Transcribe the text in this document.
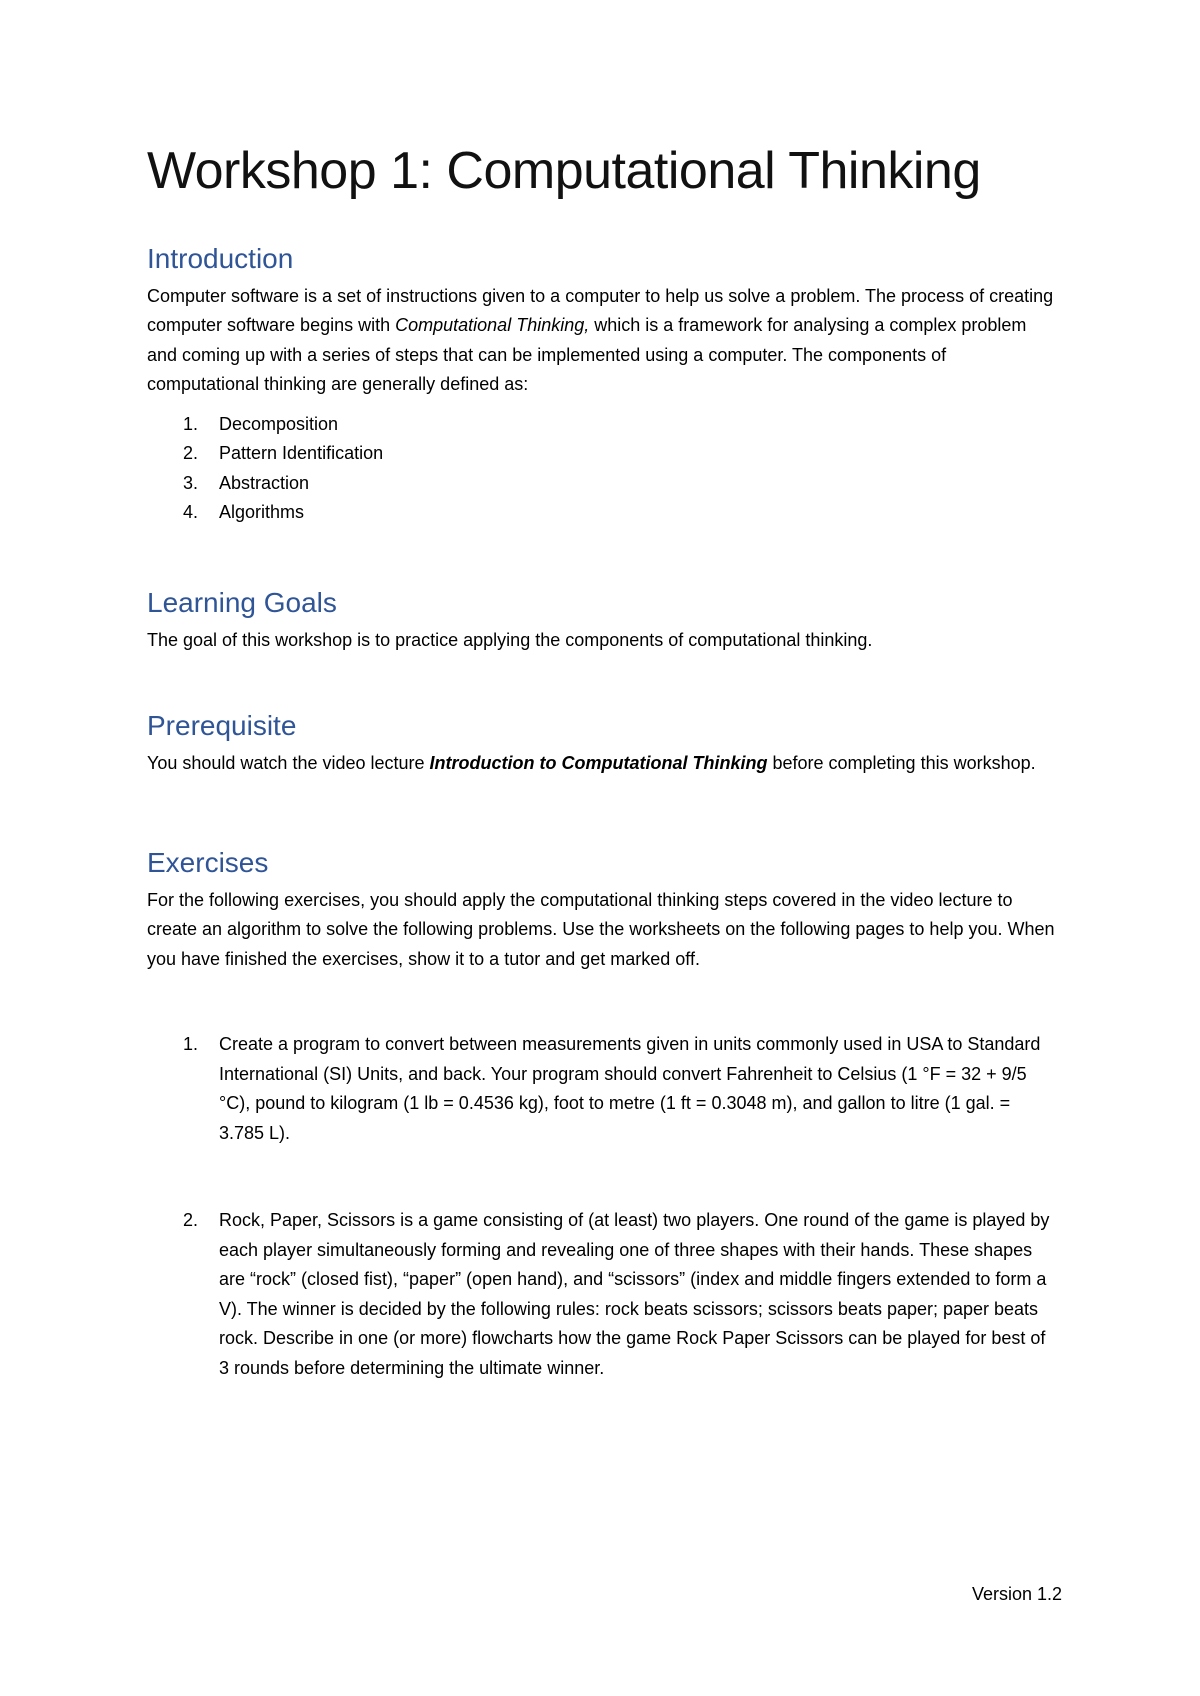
Workshop 1: Computational Thinking
Introduction

Computer software is a set of instructions given to a computer to help us solve a problem. The process of creating computer software begins with Computational Thinking, which is a framework for analysing a complex problem and coming up with a series of steps that can be implemented using a computer. The components of computational thinking are generally defined as:

1. Decomposition
2. Pattern Identification
3. Abstraction
4. Algorithms
Learning Goals

The goal of this workshop is to practice applying the components of computational thinking.

Prerequisite

You should watch the video lecture Introduction to Computational Thinking before completing this workshop.

Exercises

For the following exercises, you should apply the computational thinking steps covered in the video lecture to create an algorithm to solve the following problems. Use the worksheets on the following pages to help you. When you have finished the exercises, show it to a tutor and get marked off.

1. Create a program to convert between measurements given in units commonly used in USA to Standard International (SI) Units, and back. Your program should convert Fahrenheit to Celsius (1 °F = 32 + 9/5 °C), pound to kilogram (1 lb = 0.4536 kg), foot to metre (1 ft = 0.3048 m), and gallon to litre (1 gal. = 3.785 L).
2. Rock, Paper, Scissors is a game consisting of (at least) two players. One round of the game is played by each player simultaneously forming and revealing one of three shapes with their hands. These shapes are “rock” (closed fist), “paper” (open hand), and “scissors” (index and middle fingers extended to form a V). The winner is decided by the following rules: rock beats scissors; scissors beats paper; paper beats rock. Describe in one (or more) flowcharts how the game Rock Paper Scissors can be played for best of 3 rounds before determining the ultimate winner.
Version 1.2
